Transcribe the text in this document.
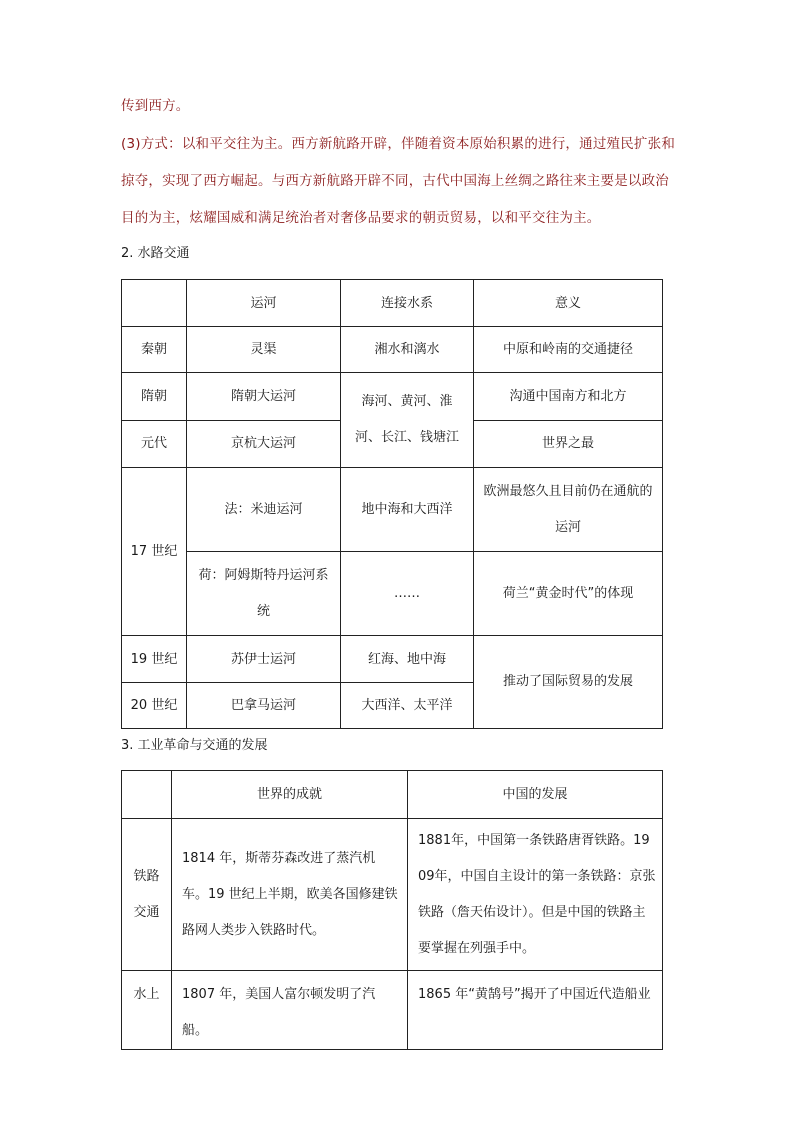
传到西方。

(3)方式：以和平交往为主。西方新航路开辟，伴随着资本原始积累的进行，通过殖民扩张和掠夺，实现了西方崛起。与西方新航路开辟不同，古代中国海上丝绸之路往来主要是以政治目的为主，炫耀国威和满足统治者对奢侈品要求的朝贡贸易，以和平交往为主。

2. 水路交通

	运河	连接水系	意义
秦朝	灵渠	湘水和漓水	中原和岭南的交通捷径
隋朝	隋朝大运河	海河、黄河、淮河、长江、钱塘江	沟通中国南方和北方
元代	京杭大运河		世界之最
17 世纪	法：米迪运河	地中海和大西洋	欧洲最悠久且目前仍在通航的运河
	荷：阿姆斯特丹运河系统	……	荷兰“黄金时代”的体现
19 世纪	苏伊士运河	红海、地中海	推动了国际贸易的发展
20 世纪	巴拿马运河	大西洋、太平洋	

3. 工业革命与交通的发展

	世界的成就	中国的发展
铁路交通	1814 年，斯蒂芬森改进了蒸汽机车。19 世纪上半期，欧美各国修建铁路网人类步入铁路时代。	1881年，中国第一条铁路唐胥铁路。1909年，中国自主设计的第一条铁路：京张铁路（詹天佑设计）。但是中国的铁路主要掌握在列强手中。
水上	1807 年，美国人富尔顿发明了汽船。	1865 年“黄鹄号”揭开了中国近代造船业
